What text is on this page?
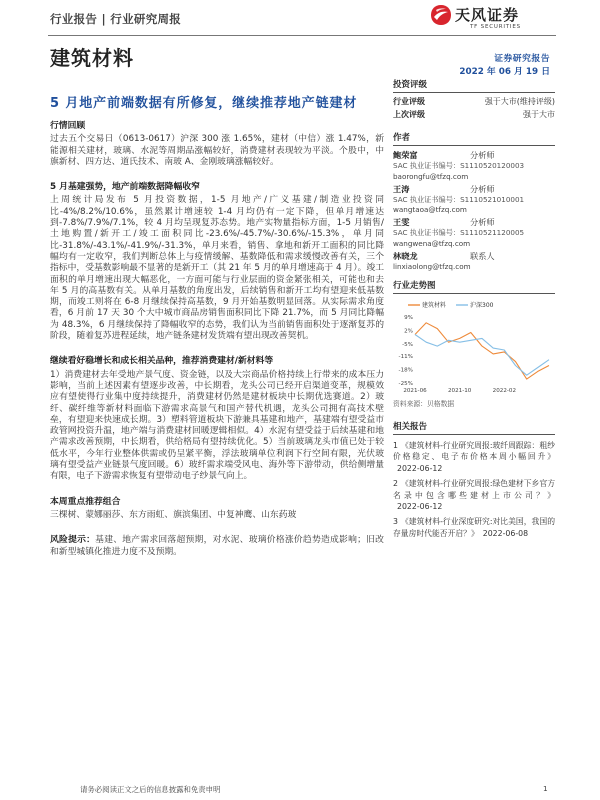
行业报告 | 行业研究周报	天风证券
TF SECURITIES
建筑材料	证券研究报告
2022 年 06 月 19 日
5 月地产前端数据有所修复，继续推荐地产链建材
行情回顾
过去五个交易日（0613-0617）沪深 300 涨 1.65%，建材（中信）涨 1.47%，新能源相关建材，玻璃、水泥等周期品涨幅较好，消费建材表现较为平淡。个股中，中旗新材、四方达、道氏技术、南玻 A、金刚玻璃涨幅较好。
5 月基建强势，地产前端数据降幅收窄
上周统计局发布 5 月投资数据，1-5 月地产/广义基建/制造业投资同比-4%/8.2%/10.6%，虽然累计增速较 1-4 月均仍有一定下降，但单月增速达到-7.8%/7.9%/7.1%，较 4 月均呈现复苏态势。地产实物量指标方面，1-5 月销售/土地购置/新开工/竣工面积同比-23.6%/-45.7%/-30.6%/-15.3%，单月同比-31.8%/-43.1%/-41.9%/-31.3%，单月来看，销售、拿地和新开工面积的同比降幅均有一定收窄，我们判断总体上与疫情缓解、基数降低和需求缓慢改善有关，三个指标中，受基数影响最不显著的是新开工（其 21 年 5 月的单月增速高于 4 月）。竣工面积的单月增速出现大幅恶化，一方面可能与行业层面的资金紧张相关，可能也和去年 5 月的高基数有关。从单月基数的角度出发，后续销售和新开工均有望迎来低基数期，而竣工则将在 6-8 月继续保持高基数，9 月开始基数明显回落。从实际需求角度看，6 月前 17 天 30 个大中城市商品房销售面积同比下降 21.7%，而 5 月同比降幅为 48.3%，6 月继续保持了降幅收窄的态势，我们认为当前销售面积处于逐渐复苏的阶段，随着复苏进程延续，地产链条建材发货端有望出现改善契机。
继续看好稳增长和成长相关品种，推荐消费建材/新材料等
1）消费建材去年受地产景气度、资金链，以及大宗商品价格持续上行带来的成本压力影响，当前上述因素有望逐步改善，中长期看，龙头公司已经开启渠道变革，规模效应有望使得行业集中度持续提升，消费建材仍然是建材板块中长期优选赛道。2）玻纤、碳纤维等新材料面临下游需求高景气和国产替代机遇，龙头公司拥有高技术壁垒，有望迎来快速成长期。3）塑料管道板块下游兼具基建和地产，基建端有望受益市政管网投资升温，地产端与消费建材回暖逻辑相似。4）水泥有望受益于后续基建和地产需求改善预期，中长期看，供给格局有望持续优化。5）当前玻璃龙头市值已处于较低水平，今年行业整体供需或仍呈紧平衡，浮法玻璃单位利润下行空间有限，光伏玻璃有望受益产业链景气度回暖。6）玻纤需求端受风电、海外等下游带动，供给侧增量有限，电子下游需求恢复有望带动电子纱景气向上。
本周重点推荐组合
三棵树、蒙娜丽莎、东方雨虹、旗滨集团、中复神鹰、山东药玻
风险提示：基建、地产需求回落超预期，对水泥、玻璃价格涨价趋势造成影响；旧改和新型城镇化推进力度不及预期。
投资评级
行业评级	强于大市(维持评级)
上次评级	强于大市
作者
鲍荣富	分析师
SAC 执业证书编号：S1110520120003
baorongfu@tfzq.com
王涛	分析师
SAC 执业证书编号：S1110521010001
wangtaoa@tfzq.com
王雯	分析师
SAC 执业证书编号：S1110521120005
wangwena@tfzq.com
林晓龙	联系人
linxiaolong@tfzq.com
行业走势图
建筑材料	沪深300
9%
2%
-5%
-11%
-18%
-25%
2021-06	2021-10	2022-02
资料来源：贝格数据
相关报告
1 《建筑材料-行业研究周报:玻纤周跟踪：粗纱价格稳定、电子布价格本周小幅回升》2022-06-12
2 《建筑材料-行业研究周报:绿色建材下乡官方名录中包含哪些建材上市公司？》2022-06-12
3 《建筑材料-行业深度研究:对比美国，我国的存量房时代能否开启？》 2022-06-08
请务必阅读正文之后的信息披露和免责申明	1
